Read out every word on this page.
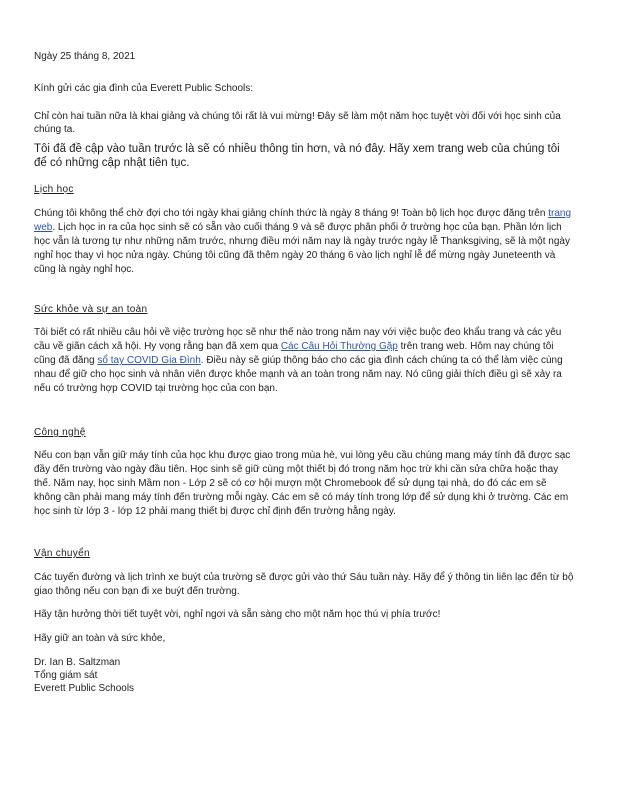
Ngày 25 tháng 8, 2021

Kính gửi các gia đình của Everett Public Schools:

Chỉ còn hai tuần nữa là khai giảng và chúng tôi rất là vui mừng! Đây sẽ làm một năm học tuyệt vời đối với học sinh của chúng ta.

Tôi đã đề cập vào tuần trước là sẽ có nhiều thông tin hơn, và nó đây. Hãy xem trang web của chúng tôi để có những cập nhật tiên tục.

Lịch học

Chúng tôi không thể chờ đợi cho tới ngày khai giảng chính thức là ngày 8 tháng 9! Toàn bộ lịch học được đăng trên trang web. Lịch học in ra của học sinh sẽ có sẵn vào cuối tháng 9 và sẽ được phân phối ở trường học của bạn. Phần lớn lịch học vẫn là tương tự như những năm trước, nhưng điều mới năm nay là ngày trước ngày lễ Thanksgiving, sẽ là một ngày nghỉ học thay vì học nửa ngày. Chúng tôi cũng đã thêm ngày 20 tháng 6 vào lịch nghỉ lễ để mừng ngày Juneteenth và cũng là ngày nghỉ học.

Sức khỏe và sự an toàn

Tôi biết có rất nhiều câu hỏi về việc trường học sẽ như thế nào trong năm nay với việc buộc đeo khẩu trang và các yêu cầu về giãn cách xã hội. Hy vọng rằng bạn đã xem qua Các Câu Hỏi Thường Gặp trên trang web. Hôm nay chúng tôi cũng đã đăng sổ tay COVID Gia Đình. Điều này sẽ giúp thông báo cho các gia đình cách chúng ta có thể làm việc cùng nhau để giữ cho học sinh và nhân viên được khỏe mạnh và an toàn trong năm nay. Nó cũng giải thích điều gì sẽ xảy ra nếu có trường hợp COVID tại trường học của con bạn.

Công nghệ

Nếu con bạn vẫn giữ máy tính của học khu được giao trong mùa hè, vui lòng yêu cầu chúng mang máy tính đã được sạc đầy đến trường vào ngày đầu tiên. Học sinh sẽ giữ cùng một thiết bị đó trong năm học trừ khi cần sửa chữa hoặc thay thế. Năm nay, học sinh Mầm non - Lớp 2 sẽ có cơ hội mượn một Chromebook để sử dụng tại nhà, do đó các em sẽ không cần phải mang máy tính đến trường mỗi ngày. Các em sẽ có máy tính trong lớp để sử dụng khi ở trường. Các em học sinh từ lớp 3 - lớp 12 phải mang thiết bị được chỉ định đến trường hằng ngày.

Vận chuyển

Các tuyến đường và lịch trình xe buýt của trường sẽ được gửi vào thứ Sáu tuần này. Hãy để ý thông tin liên lạc đến từ bộ giao thông nếu con bạn đi xe buýt đến trường.

Hãy tận hưởng thời tiết tuyệt vời, nghỉ ngơi và sẵn sàng cho một năm học thú vị phía trước!

Hãy giữ an toàn và sức khỏe,

Dr. Ian B. Saltzman
Tổng giám sát
Everett Public Schools
